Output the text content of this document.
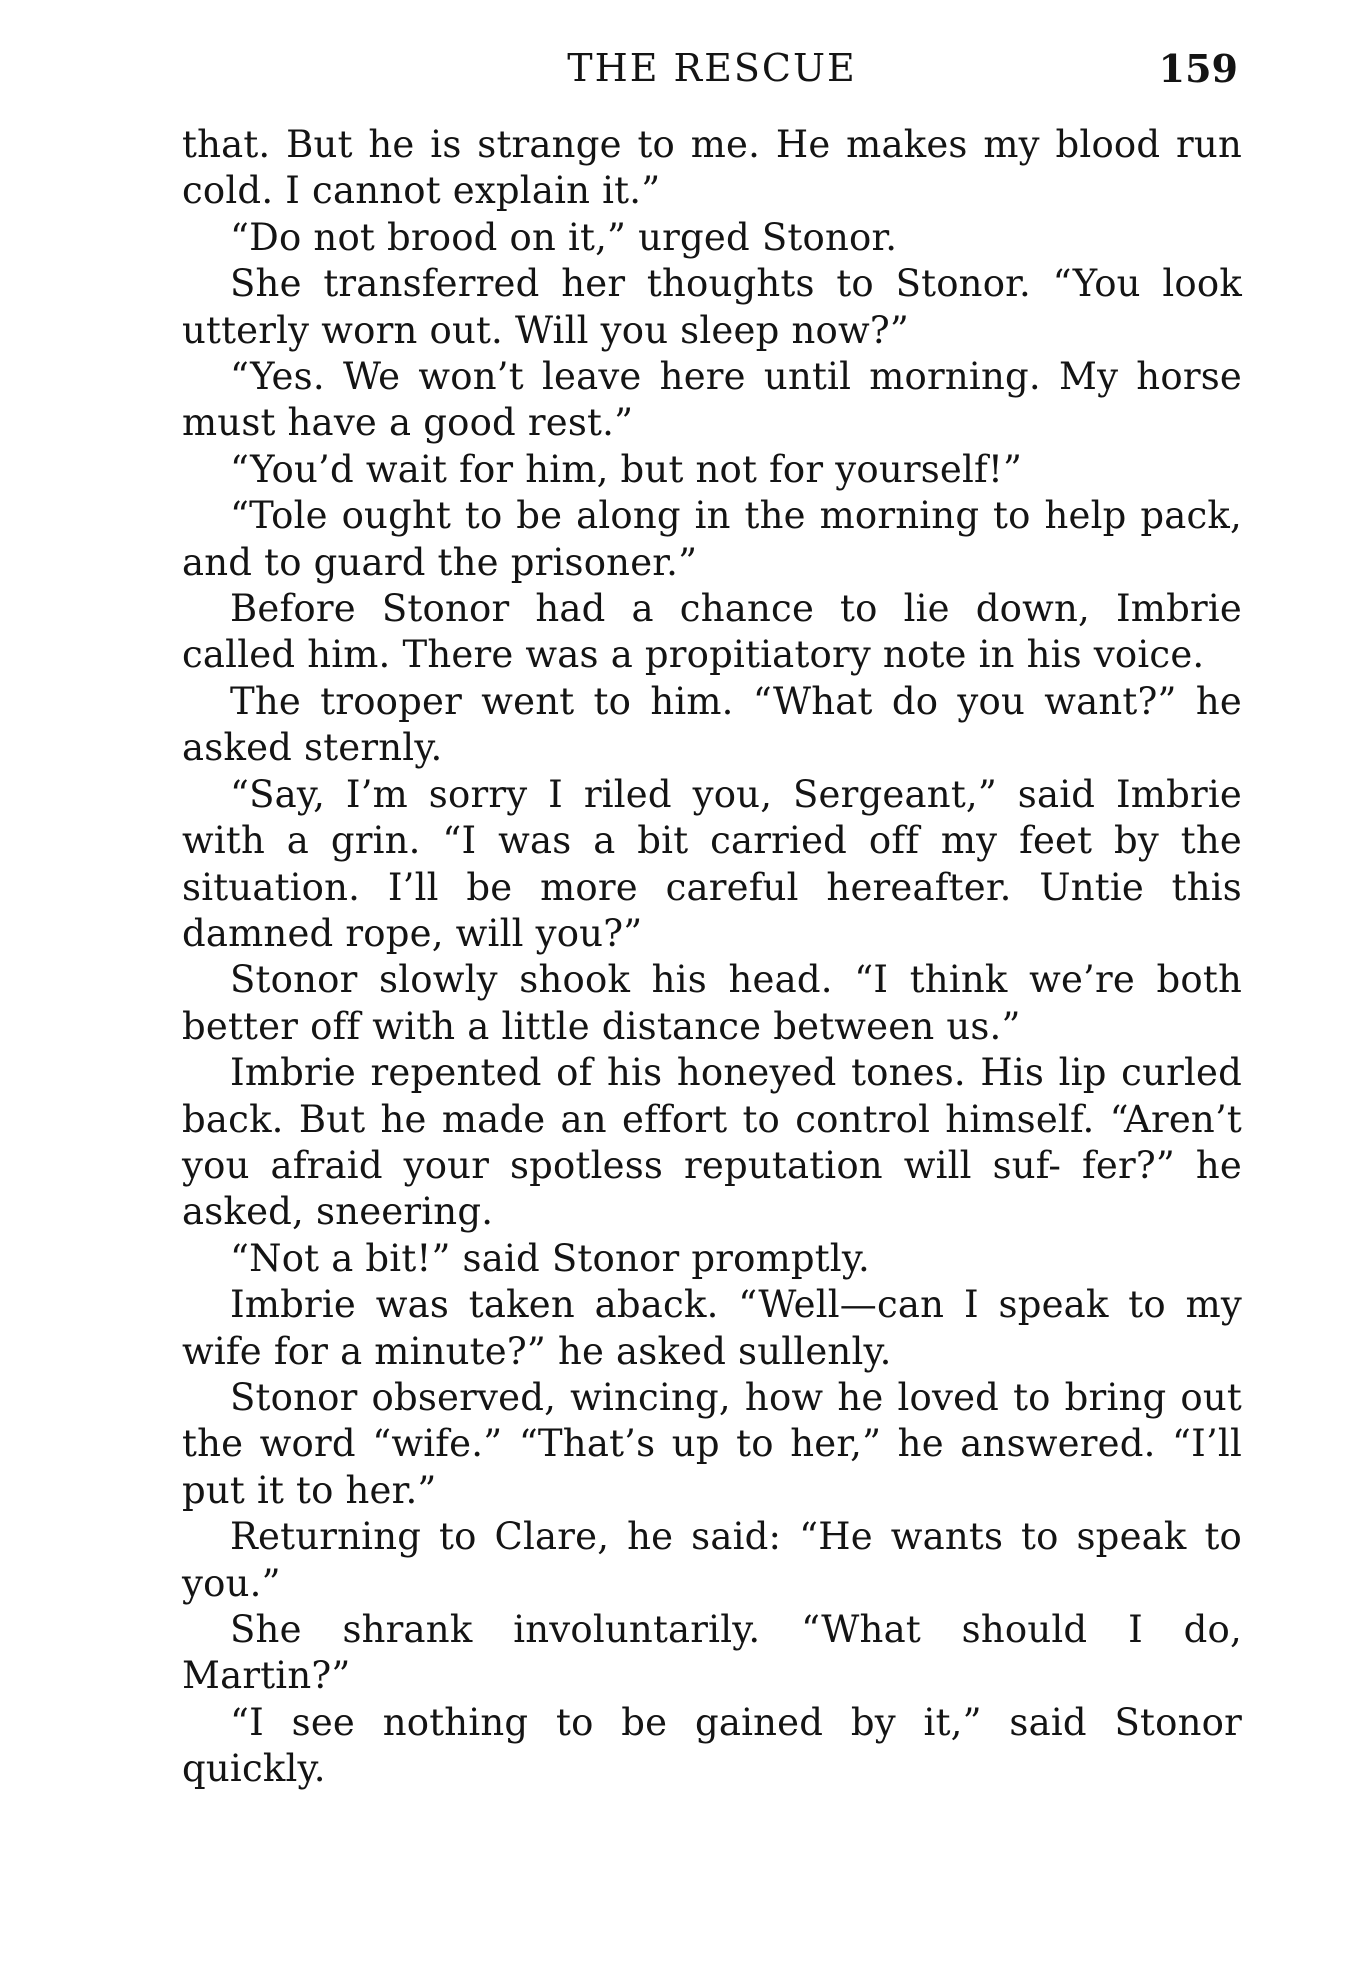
THE RESCUE	159

that. But he is strange to me. He makes my blood run cold. I cannot explain it.”

“Do not brood on it,” urged Stonor.

She transferred her thoughts to Stonor. “You look utterly worn out. Will you sleep now?”

“Yes. We won’t leave here until morning. My horse must have a good rest.”

“You’d wait for him, but not for yourself!”

“Tole ought to be along in the morning to help pack, and to guard the prisoner.”

Before Stonor had a chance to lie down, Imbrie called him. There was a propitiatory note in his voice.

The trooper went to him. “What do you want?” he asked sternly.

“Say, I’m sorry I riled you, Sergeant,” said Imbrie with a grin. “I was a bit carried off my feet by the situation. I’ll be more careful hereafter. Untie this damned rope, will you?”

Stonor slowly shook his head. “I think we’re both better off with a little distance between us.”

Imbrie repented of his honeyed tones. His lip curled back. But he made an effort to control himself. “Aren’t you afraid your spotless reputation will suf- fer?” he asked, sneering.

“Not a bit!” said Stonor promptly.

Imbrie was taken aback. “Well—can I speak to my wife for a minute?” he asked sullenly.

Stonor observed, wincing, how he loved to bring out the word “wife.” “That’s up to her,” he answered. “I’ll put it to her.”

Returning to Clare, he said: “He wants to speak to you.”

She shrank involuntarily. “What should I do, Martin?”

“I see nothing to be gained by it,” said Stonor quickly.
